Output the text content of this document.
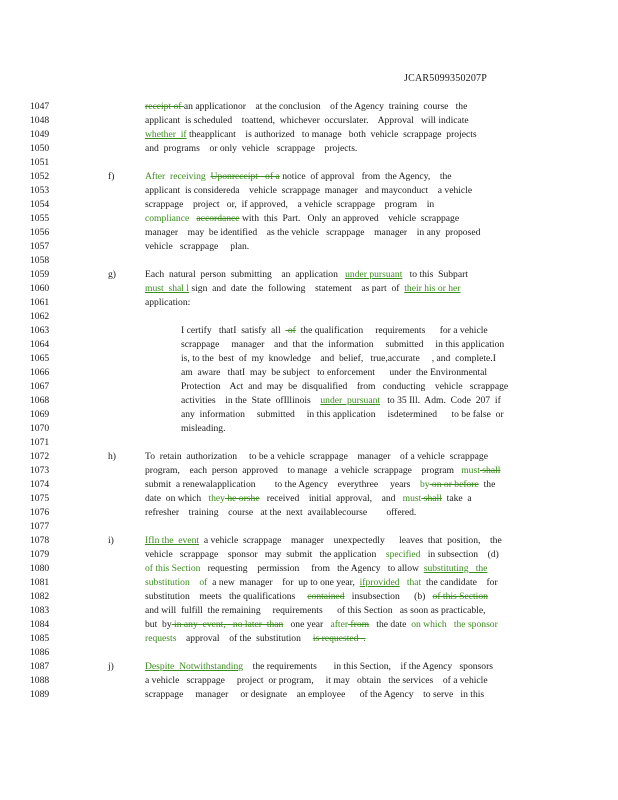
JCAR5099350207P
1047	receipt of an applicationor    at the conclusion    of the Agency  training  course   the
1048	applicant  is scheduled    toattend,  whichever  occurslater.    Approval   will indicate
1049	whether  if theapplicant    is authorized   to manage   both  vehicle  scrappage  projects
1050	and  programs    or only  vehicle   scrappage    projects.
1051
1052	f)	After  receiving  Uponreceipt   of a notice  of approval   from  the Agency,    the
1053	applicant  is considereda    vehicle  scrappage  manager   and mayconduct    a vehicle
1054	scrappage    project   or,  if approved,    a vehicle  scrappage    program    in
1055	compliance   accordance with  this  Part.   Only  an approved    vehicle  scrappage
1056	manager    may  be identified    as the vehicle   scrappage    manager    in any  proposed
1057	vehicle   scrappage     plan.
1058
1059	g)	Each  natural  person  submitting    an  application   under pursuant   to this  Subpart
1060	must  shal l sign  and  date  the  following    statement    as part  of  their his or her
1061	application:
1062
1063	I certify   thatI  satisfy  all   of  the qualification     requirements      for a vehicle
1064	scrappage     manager    and  that  the  information     submitted     in this application
1065	is, to the  best  of  my  knowledge    and  belief,   true,accurate     , and  complete.I
1066	am  aware   thatI  may  be subject   to enforcement      under  the Environmental
1067	Protection    Act  and  may  be  disqualified    from   conducting    vehicle   scrappage
1068	activities    in the  State  ofIllinois    under  pursuant   to 35 Ill.  Adm.  Code  207  if
1069	any  information     submitted     in this application     isdetermined      to be false  or
1070	misleading.
1071
1072	h)	To  retain  authorization     to be a vehicle  scrappage    manager    of a vehicle  scrappage
1073	program,    each  person  approved    to manage   a vehicle  scrappage    program   must shall
1074	submit  a renewalapplication        to the Agency    everythree     years    by on or before  the
1075	date  on which   they he orshe   received    initial  approval,    and   must shall  take  a
1076	refresher    training    course   at the  next  availablecourse        offered.
1077
1078	i)	IfIn the  event  a vehicle  scrappage    manager    unexpectedly      leaves  that  position,    the
1079	vehicle   scrappage    sponsor   may  submit   the application    specified   in subsection    (d)
1080	of this Section   requesting    permission     from   the Agency   to allow  substituting   the
1081	substitution    of  a new  manager    for  up to one year,  ifprovided that  the candidate    for
1082	substitution    meets   the qualifications     contained   insubsection      (b)   of this Section
1083	and will  fulfill  the remaining     requirements      of this Section   as soon as practicable,
1084	but  by in any  event,   no later  than   one year   after from   the date  on which   the sponsor
1085	requests    approval    of the  substitution     is requested  .
1086
1087	j)	Despite  Notwithstanding    the requirements       in this Section,    if the Agency   sponsors
1088	a vehicle   scrappage     project  or program,     it may   obtain   the services    of a vehicle
1089	scrappage     manager     or designate    an employee      of the Agency    to serve   in this
